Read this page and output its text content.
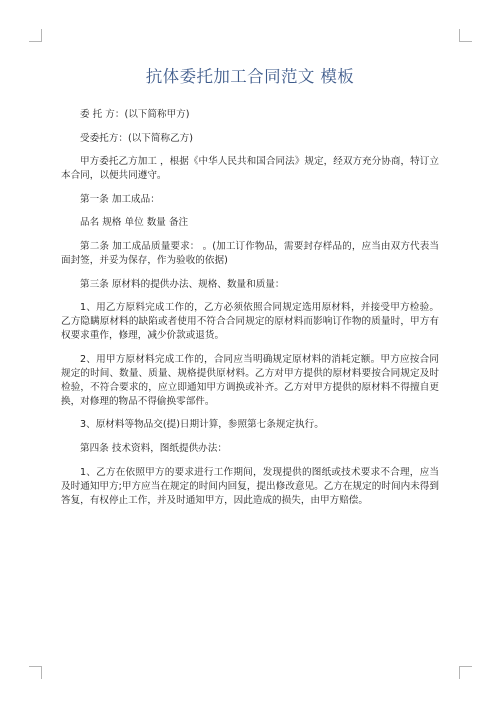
抗体委托加工合同范文 模板

委 托 方：(以下简称甲方)

受委托方：(以下简称乙方)

甲方委托乙方加工 ，根据《中华人民共和国合同法》规定，经双方充分协商，特订立本合同，以便共同遵守。

第一条 加工成品：

品名 规格 单位 数量 备注

第二条 加工成品质量要求： 。(加工订作物品，需要封存样品的，应当由双方代表当面封签，并妥为保存，作为验收的依据)

第三条 原材料的提供办法、规格、数量和质量：

1、用乙方原料完成工作的，乙方必须依照合同规定选用原材料，并接受甲方检验。乙方隐瞒原材料的缺陷或者使用不符合合同规定的原材料而影响订作物的质量时，甲方有权要求重作，修理，减少价款或退货。

2、用甲方原材料完成工作的，合同应当明确规定原材料的消耗定额。甲方应按合同规定的时间、数量、质量、规格提供原材料。乙方对甲方提供的原材料要按合同规定及时检验，不符合要求的，应立即通知甲方调换或补齐。乙方对甲方提供的原材料不得擅自更换，对修理的物品不得偷换零部件。

3、原材料等物品交(提)日期计算，参照第七条规定执行。

第四条 技术资料，图纸提供办法：

1、乙方在依照甲方的要求进行工作期间，发现提供的图纸或技术要求不合理，应当及时通知甲方;甲方应当在规定的时间内回复，提出修改意见。乙方在规定的时间内未得到答复，有权停止工作，并及时通知甲方，因此造成的损失，由甲方赔偿。
